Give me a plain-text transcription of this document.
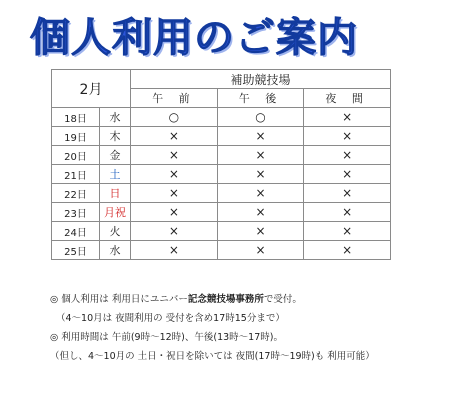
個人利用のご案内
2月		補助競技場		
		午 前	午 後	夜 間
18日	水	○	○	×
19日	木	×	×	×
20日	金	×	×	×
21日	土	×	×	×
22日	日	×	×	×
23日	月祝	×	×	×
24日	火	×	×	×
25日	水	×	×	×
◎ 個人利用は 利用日にユニバー記念競技場事務所で受付。
（4～10月は 夜間利用の 受付を含め17時15分まで）
◎ 利用時間は 午前(9時～12時)、午後(13時～17時)。
（但し、4～10月の 土日・祝日を除いては 夜間(17時～19時)も 利用可能）
